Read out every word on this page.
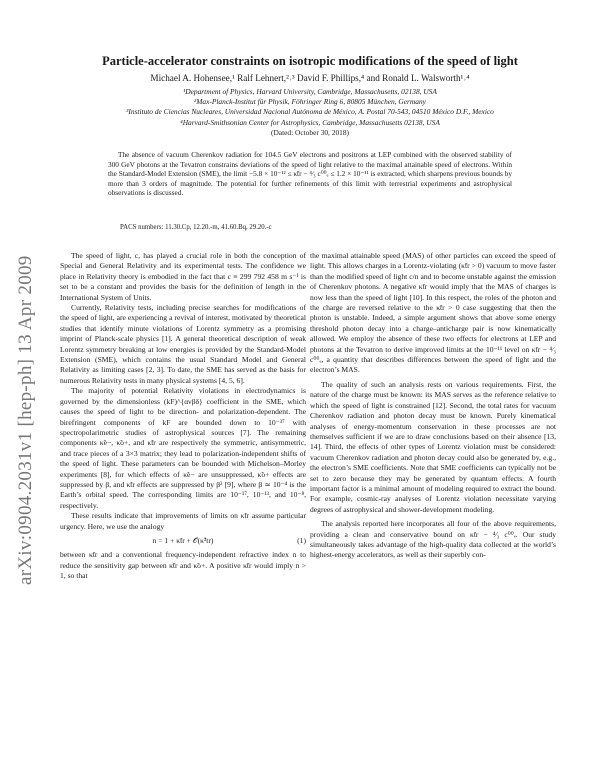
arXiv:0904.2031v1 [hep-ph] 13 Apr 2009
Particle-accelerator constraints on isotropic modifications of the speed of light
Michael A. Hohensee,¹ Ralf Lehnert,²˒³ David F. Phillips,⁴ and Ronald L. Walsworth¹˒⁴
¹Department of Physics, Harvard University, Cambridge, Massachusetts, 02138, USA
²Max-Planck-Institut für Physik, Föhringer Ring 6, 80805 München, Germany
³Instituto de Ciencias Nucleares, Universidad Nacional Autónoma de México, A. Postal 70-543, 04510 México D.F., Mexico
⁴Harvard-Smithsonian Center for Astrophysics, Cambridge, Massachusetts 02138, USA
(Dated: October 30, 2018)
The absence of vacuum Cherenkov radiation for 104.5 GeV electrons and positrons at LEP combined with the observed stability of 300 GeV photons at the Tevatron constrains deviations of the speed of light relative to the maximal attainable speed of electrons. Within the Standard-Model Extension (SME), the limit −5.8 × 10⁻¹² ≤ κ̃tr − ⁴⁄₃ c⁰⁰ₑ ≤ 1.2 × 10⁻¹¹ is extracted, which sharpens previous bounds by more than 3 orders of magnitude. The potential for further refinements of this limit with terrestrial experiments and astrophysical observations is discussed.
PACS numbers: 11.30.Cp, 12.20.-m, 41.60.Bq, 29.20.-c

The speed of light, c, has played a crucial role in both the conception of Special and General Relativity and its experimental tests. The confidence we place in Relativity theory is embodied in the fact that c ≡ 299 792 458 m s⁻¹ is set to be a constant and provides the basis for the definition of length in the International System of Units.

Currently, Relativity tests, including precise searches for modifications of the speed of light, are experiencing a revival of interest, motivated by theoretical studies that identify minute violations of Lorentz symmetry as a promising imprint of Planck-scale physics [1]. A general theoretical description of weak Lorentz symmetry breaking at low energies is provided by the Standard-Model Extension (SME), which contains the usual Standard Model and General Relativity as limiting cases [2, 3]. To date, the SME has served as the basis for numerous Relativity tests in many physical systems [4, 5, 6].

The majority of potential Relativity violations in electrodynamics is governed by the dimensionless (kF)^{ανβδ} coefficient in the SME, which causes the speed of light to be direction- and polarization-dependent. The birefringent components of kF are bounded down to 10⁻³⁷ with spectropolarimetric studies of astrophysical sources [7]. The remaining components κ̃e−, κ̃o+, and κ̃tr are respectively the symmetric, antisymmetric, and trace pieces of a 3×3 matrix; they lead to polarization-independent shifts of the speed of light. These parameters can be bounded with Michelson–Morley experiments [8], for which effects of κ̃e− are unsuppressed, κ̃o+ effects are suppressed by β, and κ̃tr effects are suppressed by β² [9], where β ≃ 10⁻⁴ is the Earth’s orbital speed. The corresponding limits are 10⁻¹⁷, 10⁻¹³, and 10⁻⁸, respectively.

These results indicate that improvements of limits on κ̃tr assume particular urgency. Here, we use the analogy

n = 1 + κ̃tr + 𝒪(κ̃²tr)	(1)

between κ̃tr and a conventional frequency-independent refractive index n to reduce the sensitivity gap between κ̃tr and κ̃o+. A positive κ̃tr would imply n > 1, so that

the maximal attainable speed (MAS) of other particles can exceed the speed of light. This allows charges in a Lorentz-violating (κ̃tr > 0) vacuum to move faster than the modified speed of light c/n and to become unstable against the emission of Cherenkov photons. A negative κ̃tr would imply that the MAS of charges is now less than the speed of light [10]. In this respect, the roles of the photon and the charge are reversed relative to the κ̃tr > 0 case suggesting that then the photon is unstable. Indeed, a simple argument shows that above some energy threshold photon decay into a charge–anticharge pair is now kinematically allowed. We employ the absence of these two effects for electrons at LEP and photons at the Tevatron to derive improved limits at the 10⁻¹¹ level on κ̃tr − ⁴⁄₃ c⁰⁰ₑ, a quantity that describes differences between the speed of light and the electron’s MAS.

The quality of such an analysis rests on various requirements. First, the nature of the charge must be known: its MAS serves as the reference relative to which the speed of light is constrained [12]. Second, the total rates for vacuum Cherenkov radiation and photon decay must be known. Purely kinematical analyses of energy-momentum conservation in these processes are not themselves sufficient if we are to draw conclusions based on their absence [13, 14]. Third, the effects of other types of Lorentz violation must be considered: vacuum Cherenkov radiation and photon decay could also be generated by, e.g., the electron’s SME coefficients. Note that SME coefficients can typically not be set to zero because they may be generated by quantum effects. A fourth important factor is a minimal amount of modeling required to extract the bound. For example, cosmic-ray analyses of Lorentz violation necessitate varying degrees of astrophysical and shower-development modeling.

The analysis reported here incorporates all four of the above requirements, providing a clean and conservative bound on κ̃tr − ⁴⁄₃ c⁰⁰ₑ. Our study simultaneously takes advantage of the high-quality data collected at the world’s highest-energy accelerators, as well as their superbly con-
